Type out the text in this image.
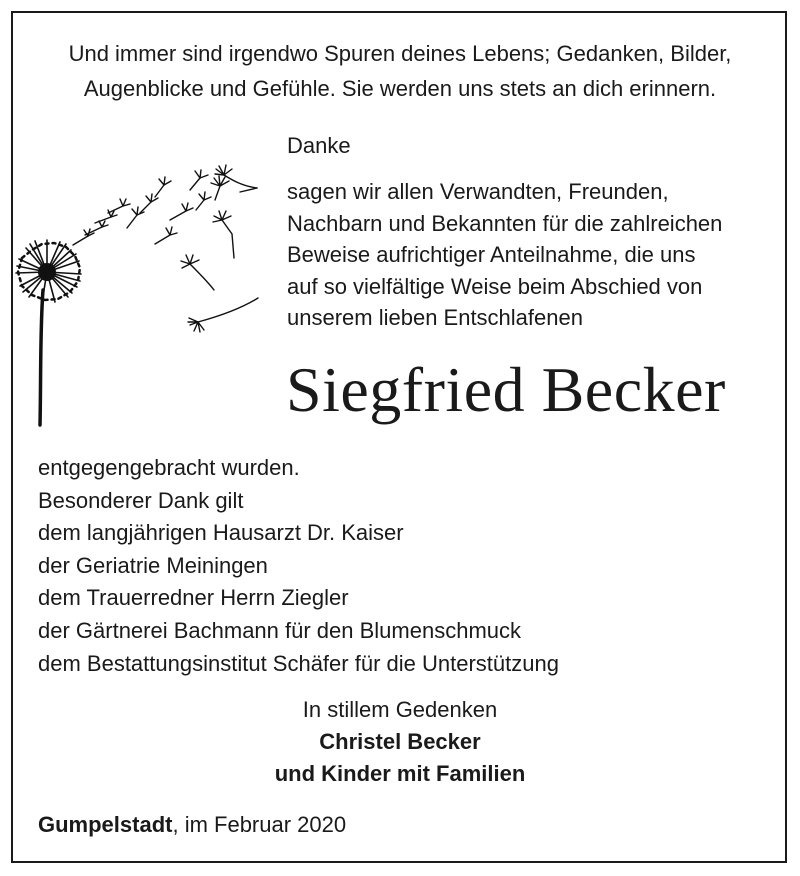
Und immer sind irgendwo Spuren deines Lebens; Gedanken, Bilder,
Augenblicke und Gefühle. Sie werden uns stets an dich erinnern.
Danke
sagen wir allen Verwandten, Freunden,
Nachbarn und Bekannten für die zahlreichen
Beweise aufrichtiger Anteilnahme, die uns
auf so vielfältige Weise beim Abschied von
unserem lieben Entschlafenen
Siegfried Becker
entgegengebracht wurden.
Besonderer Dank gilt
dem langjährigen Hausarzt Dr. Kaiser
der Geriatrie Meiningen
dem Trauerredner Herrn Ziegler
der Gärtnerei Bachmann für den Blumenschmuck
dem Bestattungsinstitut Schäfer für die Unterstützung
In stillem Gedenken
Christel Becker
und Kinder mit Familien
Gumpelstadt, im Februar 2020
